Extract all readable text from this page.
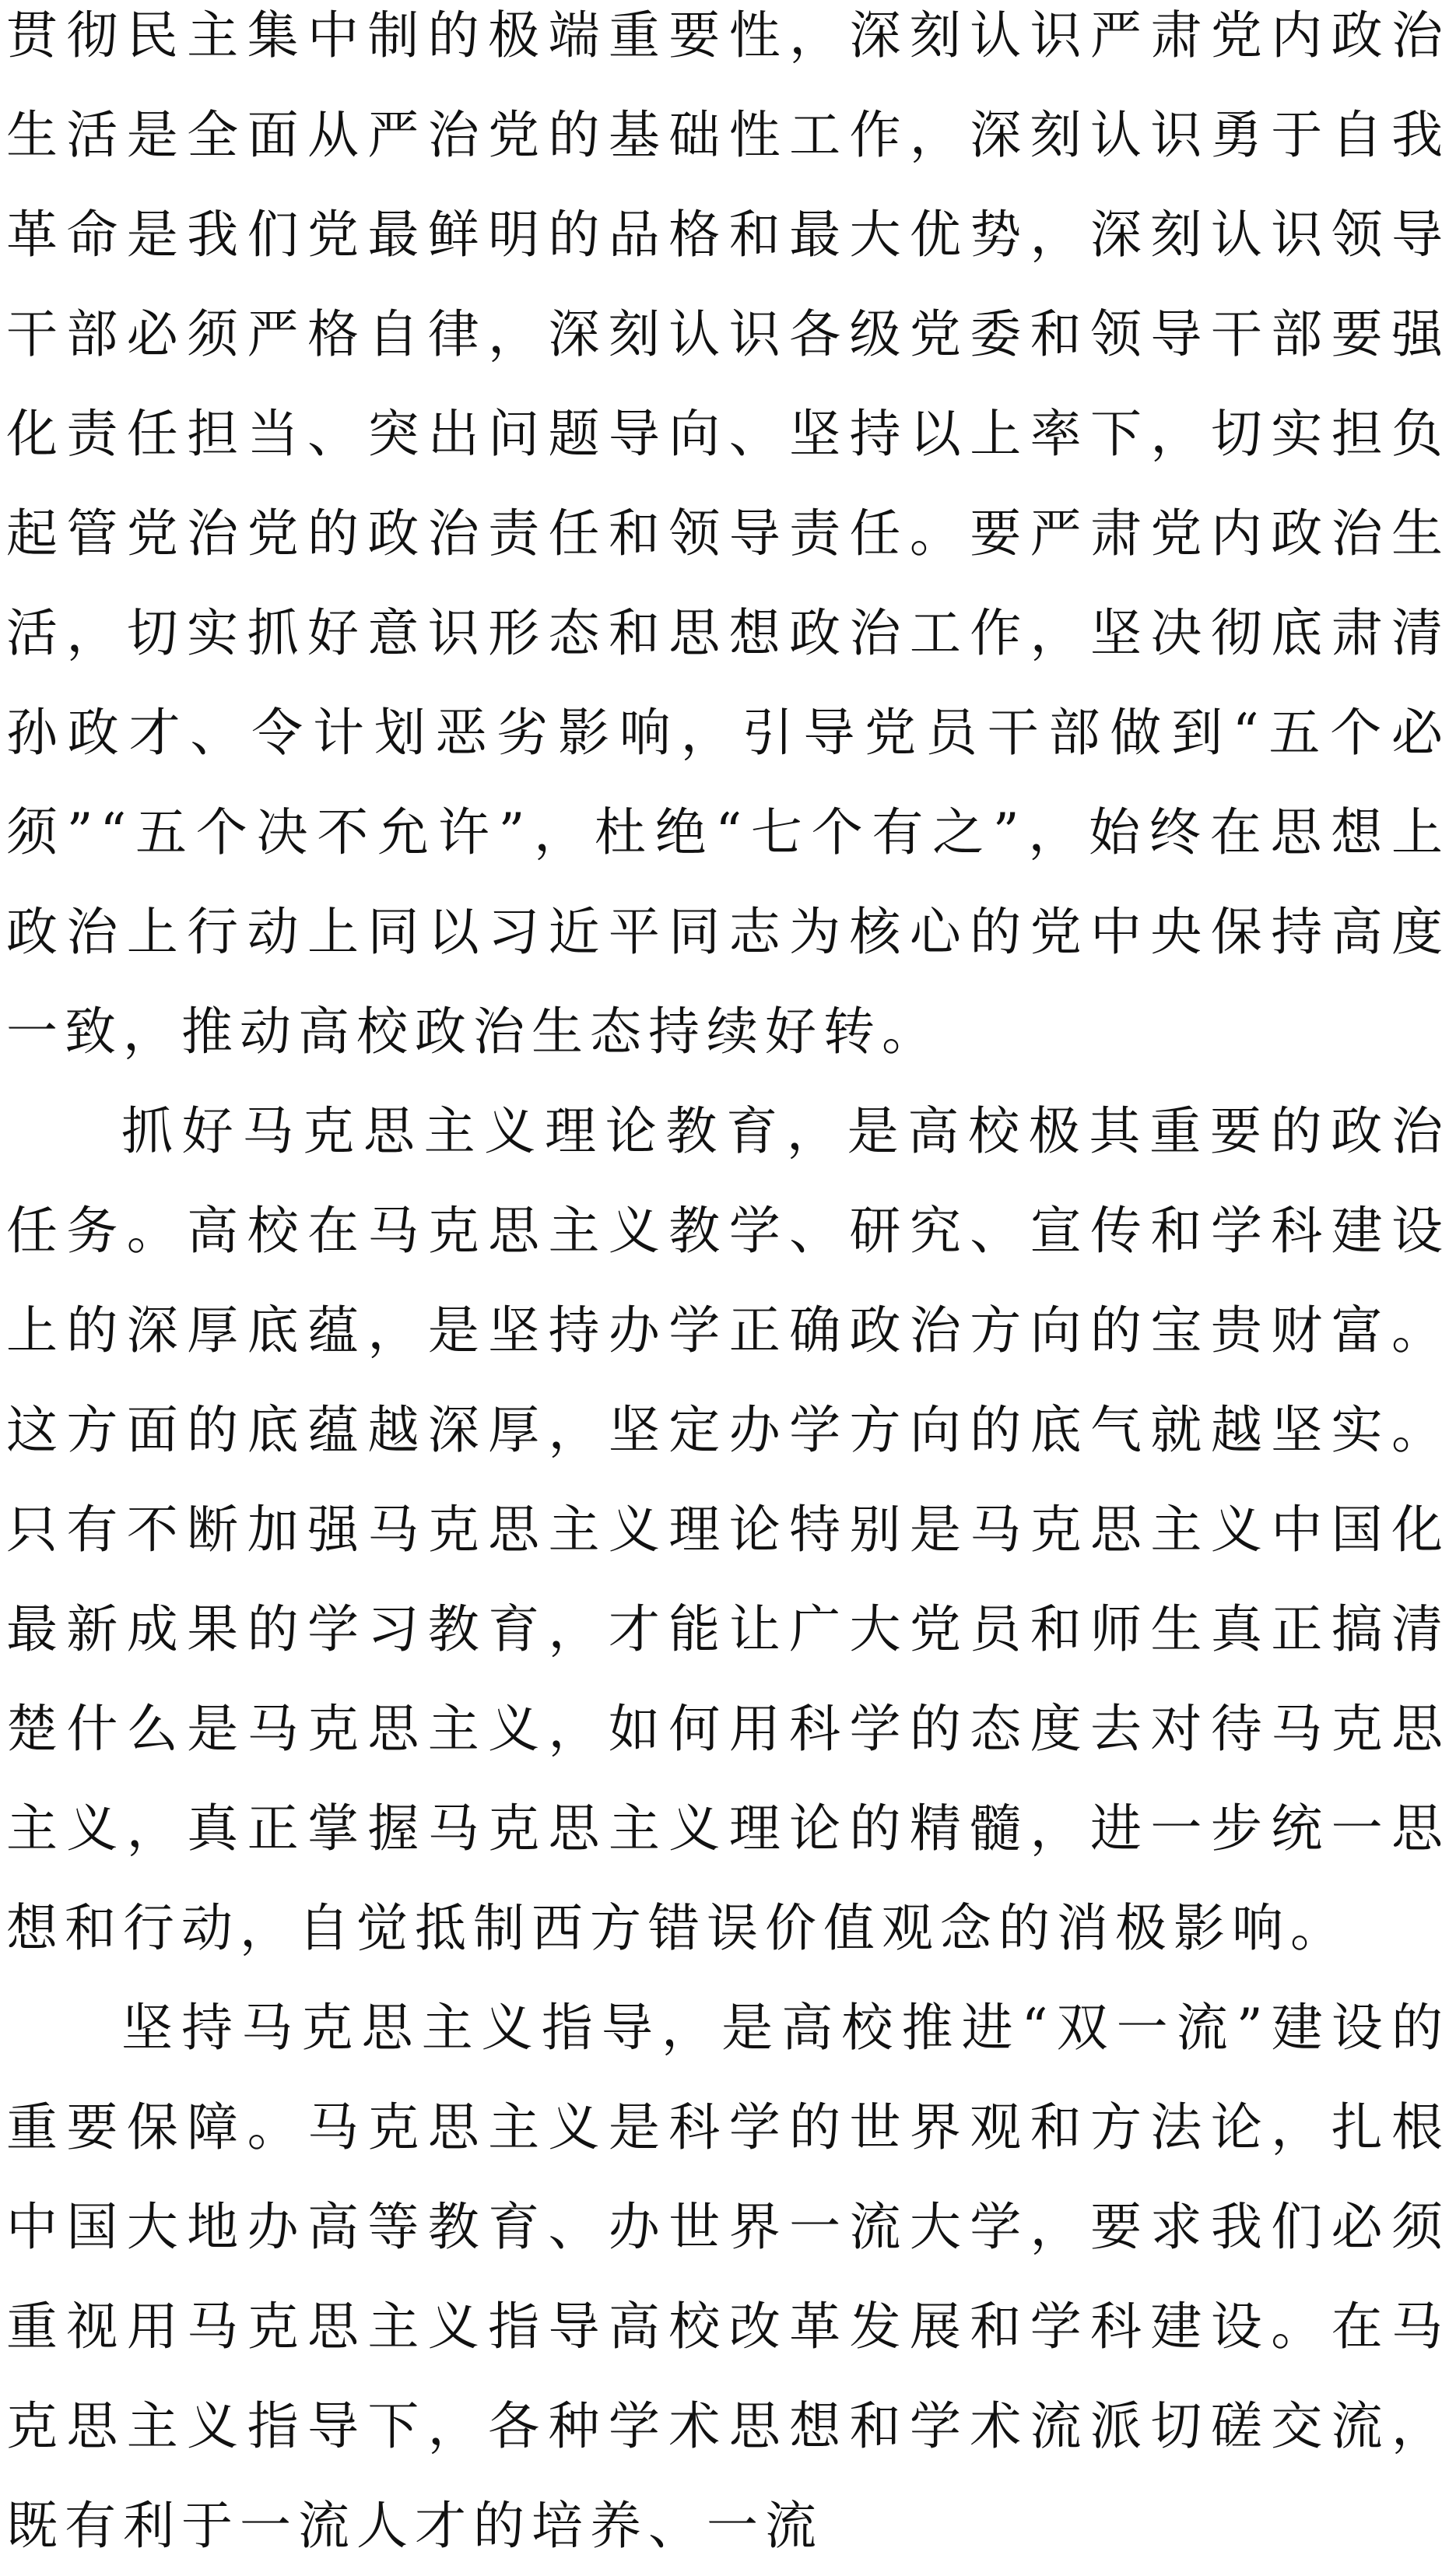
贯彻民主集中制的极端重要性，深刻认识严肃党内政治生活是全面从严治党的基础性工作，深刻认识勇于自我革命是我们党最鲜明的品格和最大优势，深刻认识领导干部必须严格自律，深刻认识各级党委和领导干部要强化责任担当、突出问题导向、坚持以上率下，切实担负起管党治党的政治责任和领导责任。要严肃党内政治生活，切实抓好意识形态和思想政治工作，坚决彻底肃清孙政才、令计划恶劣影响，引导党员干部做到“五个必须”“五个决不允许”，杜绝“七个有之”，始终在思想上政治上行动上同以习近平同志为核心的党中央保持高度一致，推动高校政治生态持续好转。

抓好马克思主义理论教育，是高校极其重要的政治任务。高校在马克思主义教学、研究、宣传和学科建设上的深厚底蕴，是坚持办学正确政治方向的宝贵财富。这方面的底蕴越深厚，坚定办学方向的底气就越坚实。只有不断加强马克思主义理论特别是马克思主义中国化最新成果的学习教育，才能让广大党员和师生真正搞清楚什么是马克思主义，如何用科学的态度去对待马克思主义，真正掌握马克思主义理论的精髓，进一步统一思想和行动，自觉抵制西方错误价值观念的消极影响。

坚持马克思主义指导，是高校推进“双一流”建设的重要保障。马克思主义是科学的世界观和方法论，扎根中国大地办高等教育、办世界一流大学，要求我们必须重视用马克思主义指导高校改革发展和学科建设。在马克思主义指导下，各种学术思想和学术流派切磋交流，既有利于一流人才的培养、一流
